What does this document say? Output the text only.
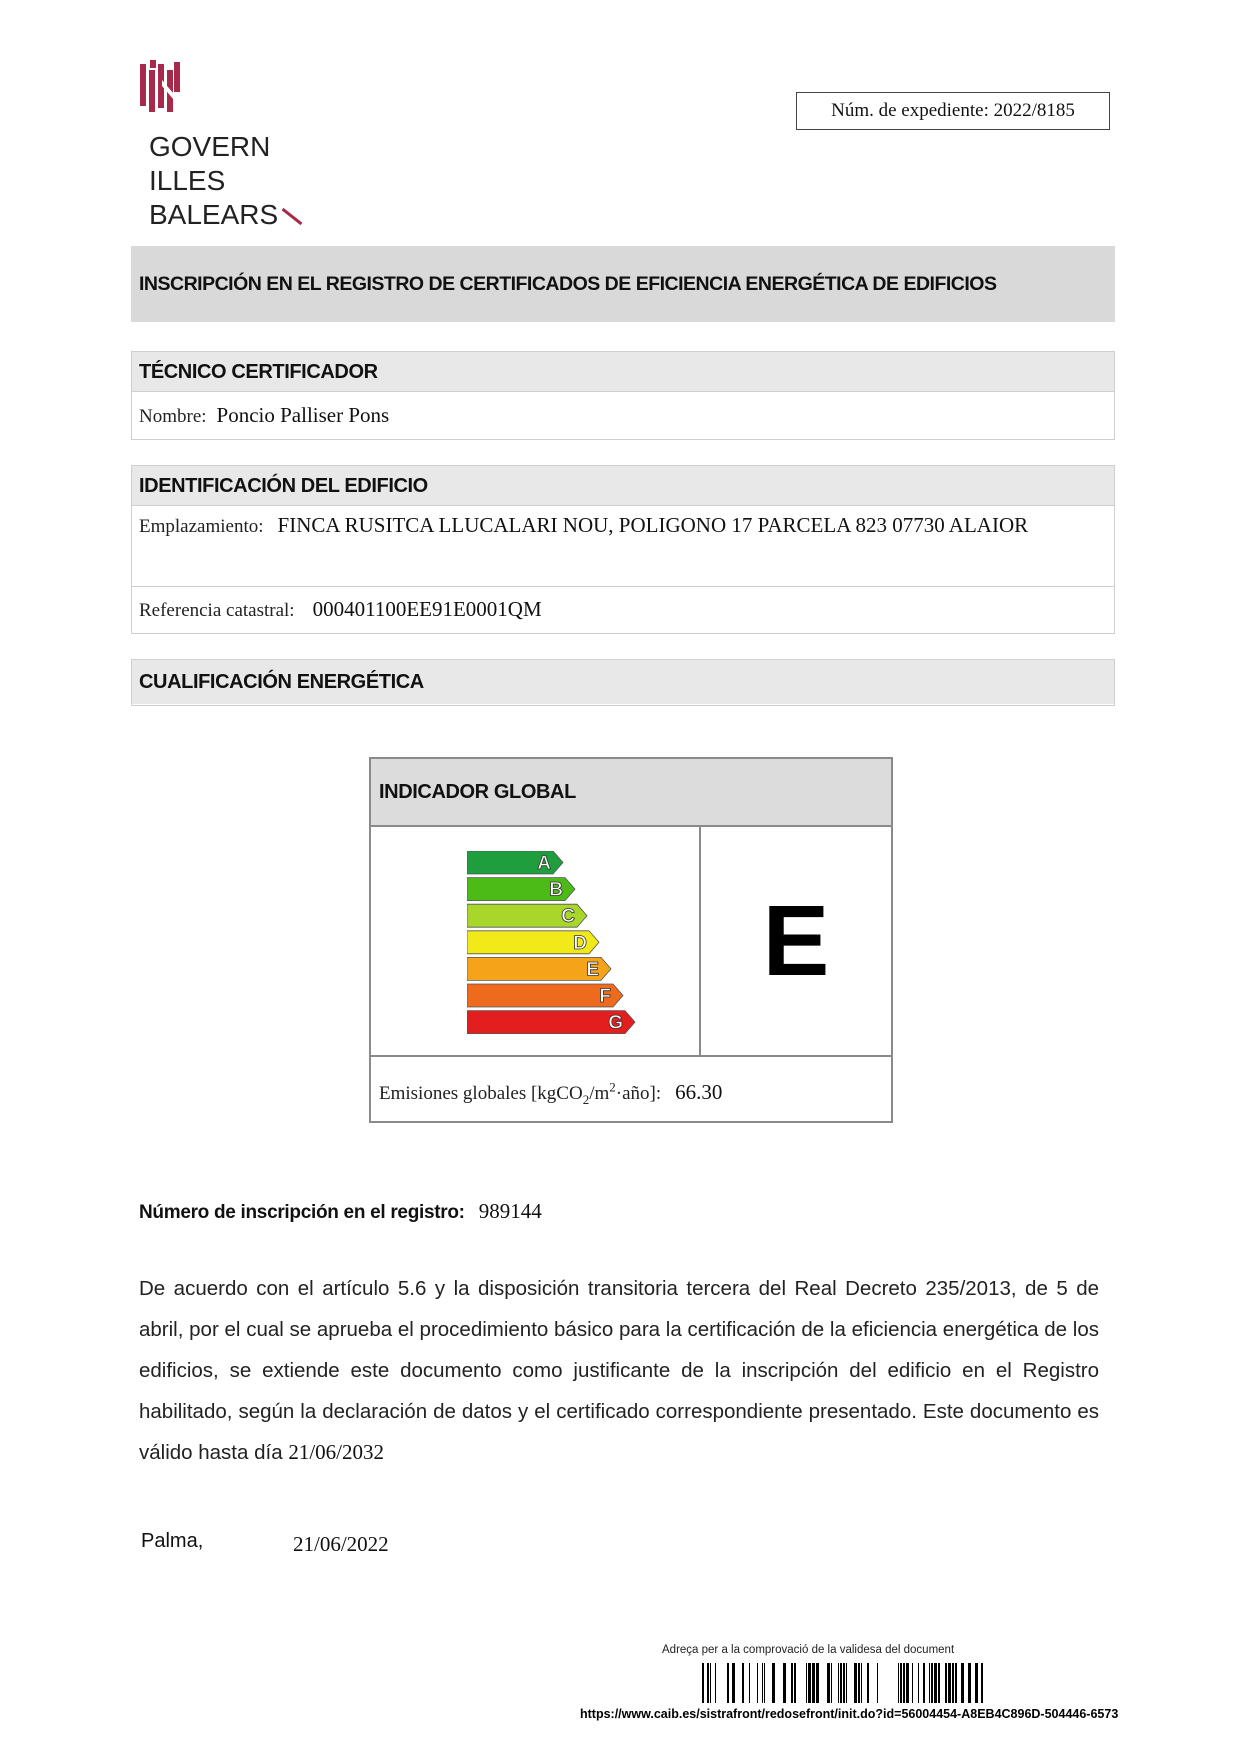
GOVERN
ILLES
BALEARS
Núm. de expediente: 2022/8185
INSCRIPCIÓN EN EL REGISTRO DE CERTIFICADOS DE EFICIENCIA ENERGÉTICA DE EDIFICIOS
TÉCNICO CERTIFICADOR
Nombre: Poncio Palliser Pons
IDENTIFICACIÓN DEL EDIFICIO
Emplazamiento: FINCA RUSITCA LLUCALARI NOU, POLIGONO 17 PARCELA 823 07730 ALAIOR
Referencia catastral: 000401100EE91E0001QM
CUALIFICACIÓN ENERGÉTICA
INDICADOR GLOBAL
A
B
C
D
E
F
G
E
Emisiones globales $[kgCO_2/m^2\cdot año]$: 66.30
Número de inscripción en el registro: 989144
De acuerdo con el artículo 5.6 y la disposición transitoria tercera del Real Decreto 235/2013, de 5 de abril, por el cual se aprueba el procedimiento básico para la certificación de la eficiencia energética de los edificios, se extiende este documento como justificante de la inscripción del edificio en el Registro habilitado, según la declaración de datos y el certificado correspondiente presentado. Este documento es válido hasta día 21/06/2032
Palma,	21/06/2022
Adreça per a la comprovació de la validesa del document
https://www.caib.es/sistrafront/redosefront/init.do?id=56004454-A8EB4C896D-504446-6573
